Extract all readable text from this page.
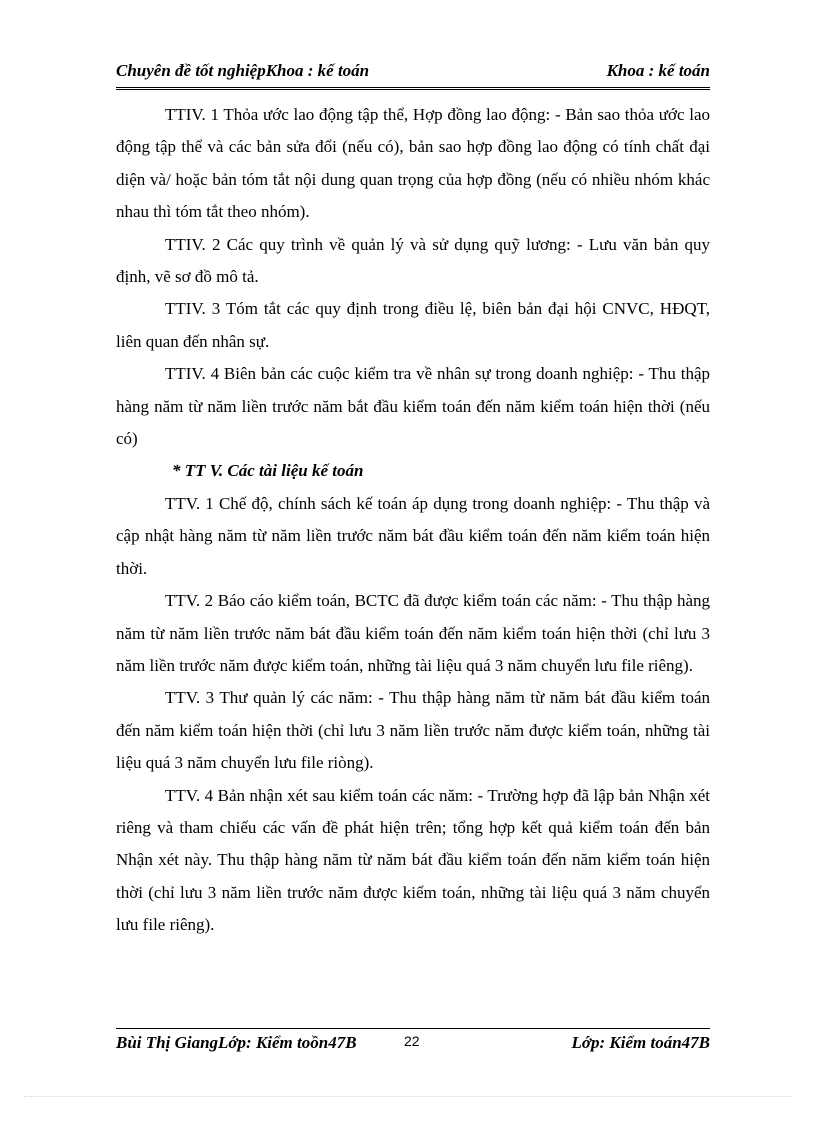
Chuyên đề tốt nghiệpKhoa : kế toán	Khoa : kế toán

TTIV. 1 Thỏa ước lao động tập thể, Hợp đồng lao động: - Bản sao thỏa ước lao động tập thể và các bản sửa đổi (nếu có), bản sao hợp đồng lao động có tính chất đại diện và/ hoặc bản tóm tắt nội dung quan trọng của hợp đồng (nếu có nhiều nhóm khác nhau thì tóm tắt theo nhóm).

TTIV. 2 Các quy trình về quản lý và sử dụng quỹ lương: - Lưu văn bản quy định, vẽ sơ đồ mô tả.

TTIV. 3 Tóm tắt các quy định trong điều lệ, biên bản đại hội CNVC, HĐQT, liên quan đến nhân sự.

TTIV. 4 Biên bản các cuộc kiểm tra về nhân sự trong doanh nghiệp: - Thu thập hàng năm từ năm liền trước năm bắt đầu kiểm toán đến năm kiểm toán hiện thời (nếu có)

* TT V. Các tài liệu kế toán

TTV. 1 Chế độ, chính sách kế toán áp dụng trong doanh nghiệp: - Thu thập và cập nhật hàng năm từ năm liền trước năm bát đầu kiểm toán đến năm kiểm toán hiện thời.

TTV. 2 Báo cáo kiểm toán, BCTC đã được kiểm toán các năm: - Thu thập hàng năm từ năm liền trước năm bát đầu kiểm toán đến năm kiểm toán hiện thời (chỉ lưu 3 năm liền trước năm được kiểm toán, những tài liệu quá 3 năm chuyển lưu file riêng).

TTV. 3 Thư quản lý các năm: - Thu thập hàng năm từ năm bát đầu kiểm toán đến năm kiểm toán hiện thời (chỉ lưu 3 năm liền trước năm được kiểm toán, những tài liệu quá 3 năm chuyển lưu file riòng).

TTV. 4 Bản nhận xét sau kiểm toán các năm: - Trường hợp đã lập bản Nhận xét riêng và tham chiếu các vấn đề phát hiện trên; tổng hợp kết quả kiểm toán đến bản Nhận xét này. Thu thập hàng năm từ năm bát đầu kiểm toán đến năm kiểm toán hiện thời (chỉ lưu 3 năm liền trước năm được kiểm toán, những tài liệu quá 3 năm chuyển lưu file riêng).

Bùi Thị GiangLớp: Kiểm toồn47B	Lớp: Kiểm toán47B
22
